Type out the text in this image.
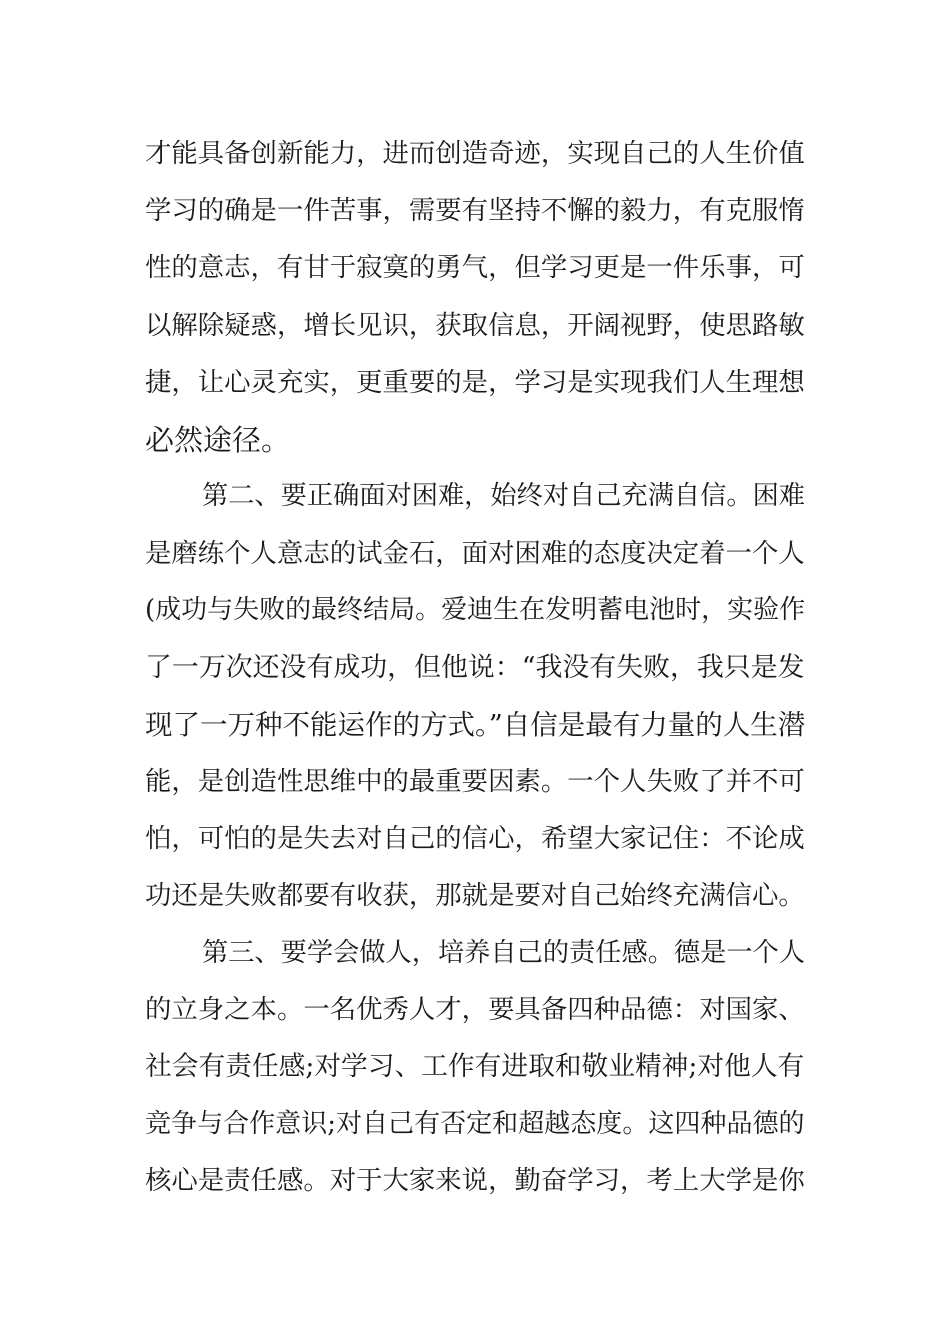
才能具备创新能力，进而创造奇迹，实现自己的人生价值
学习的确是一件苦事，需要有坚持不懈的毅力，有克服惰
性的意志，有甘于寂寞的勇气，但学习更是一件乐事，可
以解除疑惑，增长见识，获取信息，开阔视野，使思路敏
捷，让心灵充实，更重要的是，学习是实现我们人生理想
必然途径。
第二、要正确面对困难，始终对自己充满自信。困难
是磨练个人意志的试金石，面对困难的态度决定着一个人
(成功与失败的最终结局。爱迪生在发明蓄电池时，实验作
了一万次还没有成功，但他说：“我没有失败，我只是发
现了一万种不能运作的方式。”自信是最有力量的人生潜
能，是创造性思维中的最重要因素。一个人失败了并不可
怕，可怕的是失去对自己的信心，希望大家记住：不论成
功还是失败都要有收获，那就是要对自己始终充满信心。
第三、要学会做人，培养自己的责任感。德是一个人
的立身之本。一名优秀人才，要具备四种品德：对国家、
社会有责任感;对学习、工作有进取和敬业精神;对他人有
竞争与合作意识;对自己有否定和超越态度。这四种品德的
核心是责任感。对于大家来说，勤奋学习，考上大学是你
